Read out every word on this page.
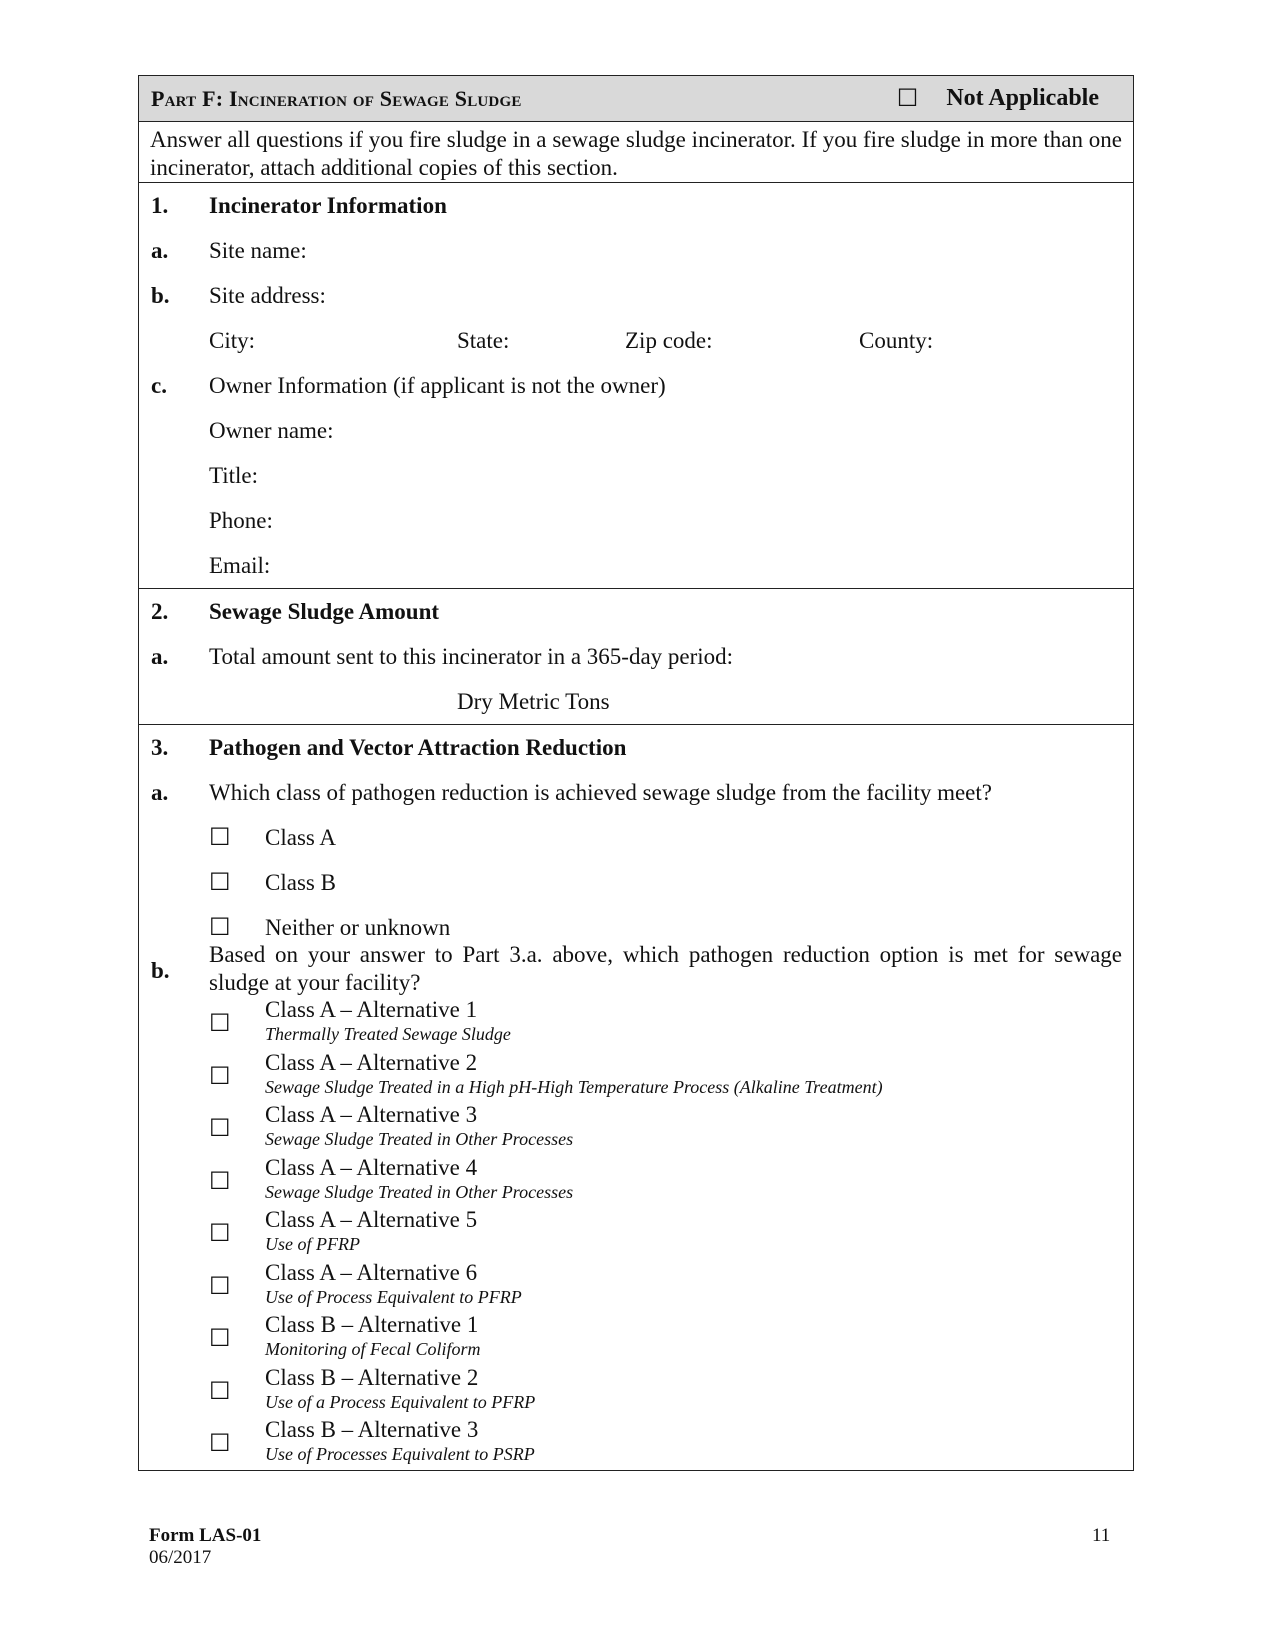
Part F: Incineration of Sewage Sludge	☐ Not Applicable
Answer all questions if you fire sludge in a sewage sludge incinerator. If you fire sludge in more than one incinerator, attach additional copies of this section.
1. Incinerator Information
a. Site name:
b. Site address:
City:	State:	Zip code:	County:
c. Owner Information (if applicant is not the owner)
Owner name:
Title:
Phone:
Email:
2. Sewage Sludge Amount
a. Total amount sent to this incinerator in a 365-day period:
Dry Metric Tons
3. Pathogen and Vector Attraction Reduction
a. Which class of pathogen reduction is achieved sewage sludge from the facility meet?
☐ Class A
☐ Class B
☐ Neither or unknown
b.
Based on your answer to Part 3.a. above, which pathogen reduction option is met for sewage sludge at your facility?
☐
Class A – Alternative 1
Thermally Treated Sewage Sludge
☐
Class A – Alternative 2
Sewage Sludge Treated in a High pH-High Temperature Process (Alkaline Treatment)
☐
Class A – Alternative 3
Sewage Sludge Treated in Other Processes
☐
Class A – Alternative 4
Sewage Sludge Treated in Other Processes
☐
Class A – Alternative 5
Use of PFRP
☐
Class A – Alternative 6
Use of Process Equivalent to PFRP
☐
Class B – Alternative 1
Monitoring of Fecal Coliform
☐
Class B – Alternative 2
Use of a Process Equivalent to PFRP
☐
Class B – Alternative 3
Use of Processes Equivalent to PSRP
Form LAS-01
06/2017
11
